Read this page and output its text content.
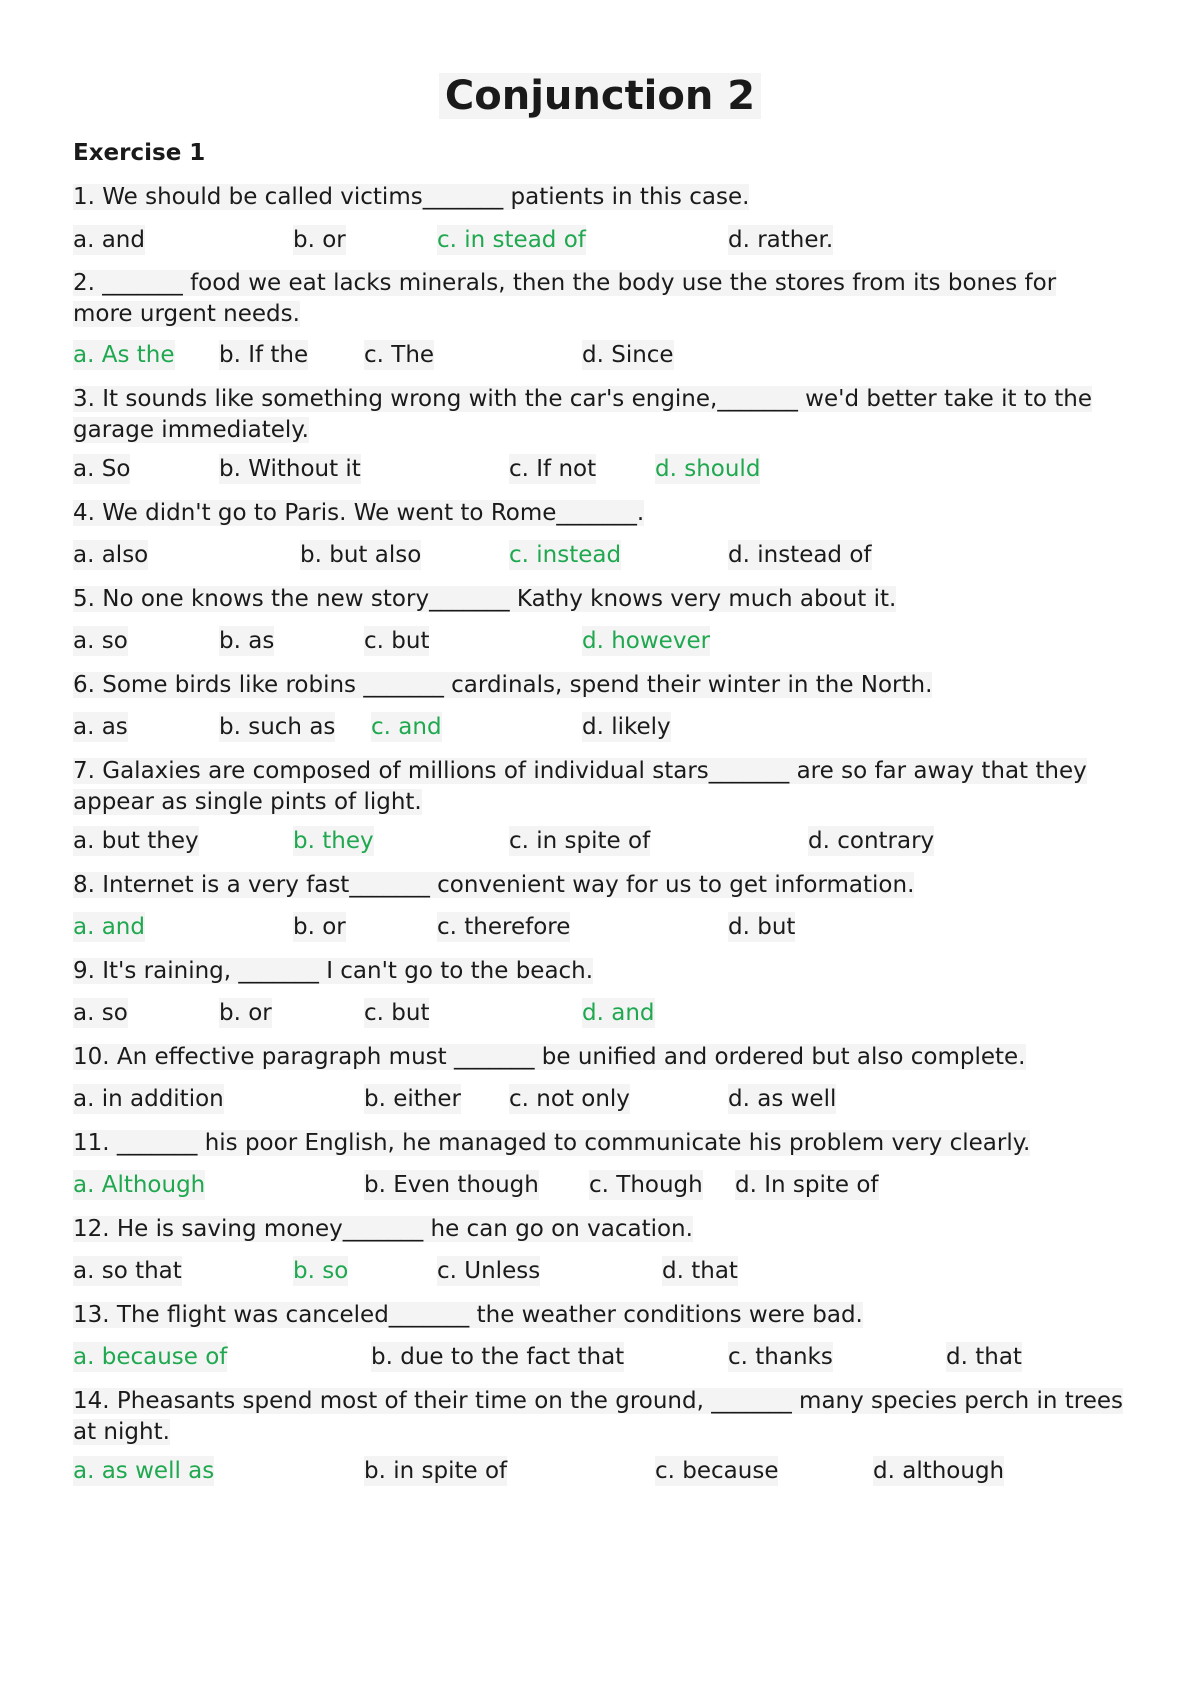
Conjunction 2
Exercise 1
1. We should be called victims_______ patients in this case.
a. and	b. or	c. in stead of	d. rather.
2. _______ food we eat lacks minerals, then the body use the stores from its bones for more urgent needs.
a. As the b. If the c. The	d. Since
3. It sounds like something wrong with the car's engine,_______ we'd better take it to the garage immediately.
a. So	b. Without it	c. If not	d. should
4. We didn't go to Paris. We went to Rome_______.
a. also	b. but also	c. instead	d. instead of
5. No one knows the new story_______ Kathy knows very much about it.
a. so	b. as	c. but	d. however
6. Some birds like robins _______ cardinals, spend their winter in the North.
a. as	b. such as c. and	d. likely
7. Galaxies are composed of millions of individual stars_______ are so far away that they appear as single pints of light.
a. but they	b. they	c. in spite of	d. contrary
8. Internet is a very fast_______ convenient way for us to get information.
a. and	b. or	c. therefore	d. but
9. It's raining, _______ I can't go to the beach.
a. so	b. or	c. but	d. and
10. An effective paragraph must _______ be unified and ordered but also complete.
a. in addition	b. either c. not only	d. as well
11. _______ his poor English, he managed to communicate his problem very clearly.
a. Although	b. Even though c. Though d. In spite of
12. He is saving money_______ he can go on vacation.
a. so that	b. so	c. Unless	d. that
13. The flight was canceled_______ the weather conditions were bad.
a. because of	b. due to the fact that	c. thanks	d. that
14. Pheasants spend most of their time on the ground, _______ many species perch in trees at night.
a. as well as	b. in spite of	c. because	d. although
